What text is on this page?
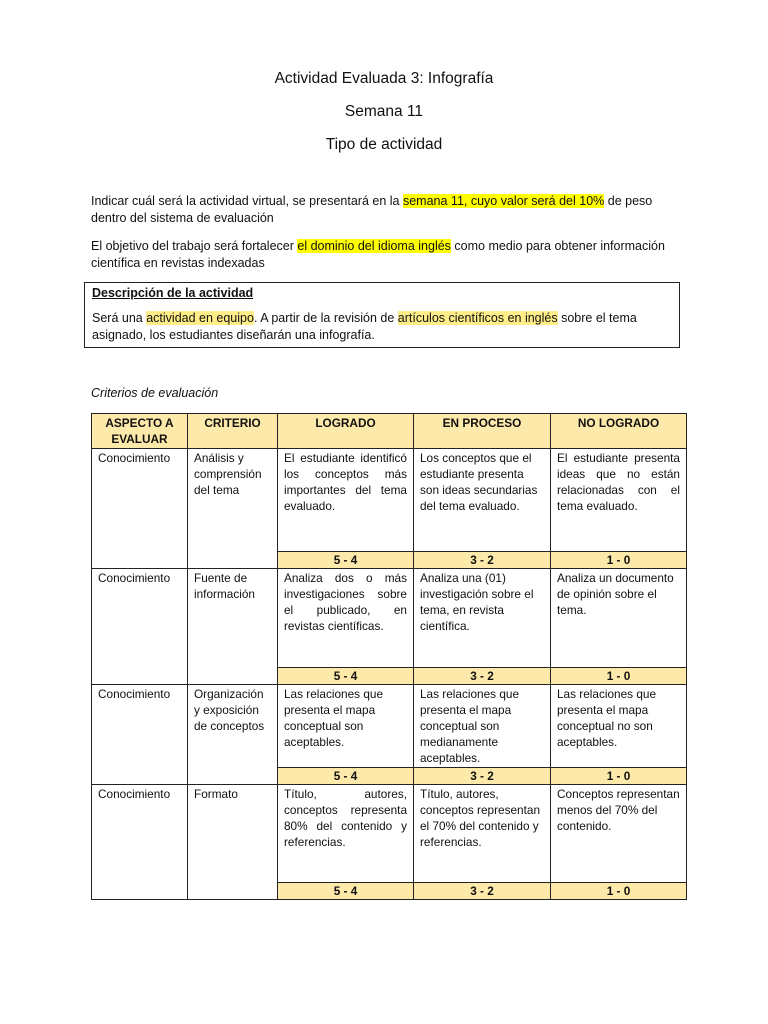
Actividad Evaluada 3: Infografía
Semana 11
Tipo de actividad
Indicar cuál será la actividad virtual, se presentará en la semana 11, cuyo valor será del 10% de peso dentro del sistema de evaluación
El objetivo del trabajo será fortalecer el dominio del idioma inglés como medio para obtener información científica en revistas indexadas
Descripción de la actividad
Será una actividad en equipo. A partir de la revisión de artículos científicos en inglés sobre el tema asignado, los estudiantes diseñarán una infografía.
Criterios de evaluación
ASPECTO A EVALUAR	CRITERIO	LOGRADO	EN PROCESO	NO LOGRADO
Conocimiento	Análisis y comprensión del tema	El estudiante identificó los conceptos más importantes del tema evaluado.	Los conceptos que el estudiante presenta son ideas secundarias del tema evaluado.	El estudiante presenta ideas que no están relacionadas con el tema evaluado.
		5 - 4	3 - 2	1 - 0
Conocimiento	Fuente de información	Analiza dos o más investigaciones sobre el publicado, en revistas científicas.	Analiza una (01) investigación sobre el tema, en revista científica.	Analiza un documento de opinión sobre el tema.
		5 - 4	3 - 2	1 - 0
Conocimiento	Organización y exposición de conceptos	Las relaciones que presenta el mapa conceptual son aceptables.	Las relaciones que presenta el mapa conceptual son medianamente aceptables.	Las relaciones que presenta el mapa conceptual no son aceptables.
		5 - 4	3 - 2	1 - 0
Conocimiento	Formato	Título, autores, conceptos representa 80% del contenido y referencias.	Título, autores, conceptos representan el 70% del contenido y referencias.	Conceptos representan menos del 70% del contenido.
		5 - 4	3 - 2	1 - 0
